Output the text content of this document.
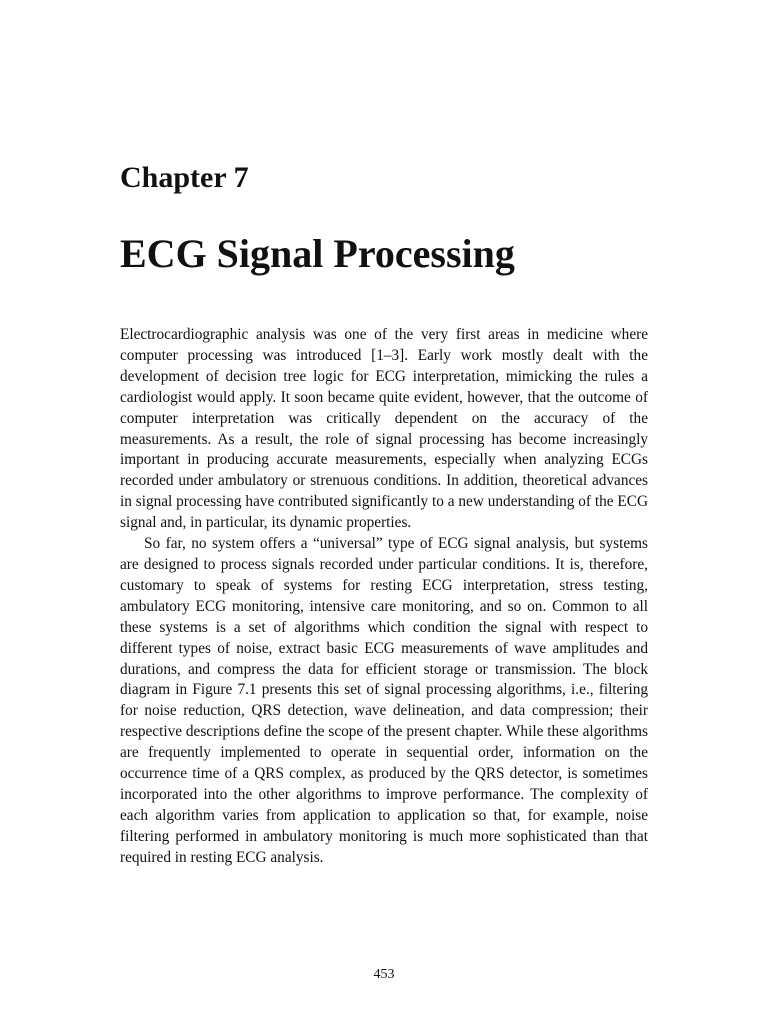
Chapter 7
ECG Signal Processing

Electrocardiographic analysis was one of the very first areas in medicine where computer processing was introduced [1–3]. Early work mostly dealt with the development of decision tree logic for ECG interpretation, mimicking the rules a cardiologist would apply. It soon became quite evident, however, that the outcome of computer interpretation was critically dependent on the accuracy of the measurements. As a result, the role of signal processing has become increasingly important in producing accurate measurements, especially when analyzing ECGs recorded under ambulatory or strenuous conditions. In addition, theoretical advances in signal processing have contributed significantly to a new understanding of the ECG signal and, in particular, its dynamic properties.

So far, no system offers a “universal” type of ECG signal analysis, but systems are designed to process signals recorded under particular conditions. It is, therefore, customary to speak of systems for resting ECG interpretation, stress testing, ambulatory ECG monitoring, intensive care monitoring, and so on. Common to all these systems is a set of algorithms which condition the signal with respect to different types of noise, extract basic ECG measurements of wave amplitudes and durations, and compress the data for efficient storage or transmission. The block diagram in Figure 7.1 presents this set of signal processing algorithms, i.e., filtering for noise reduction, QRS detection, wave delineation, and data compression; their respective descriptions define the scope of the present chapter. While these algorithms are frequently implemented to operate in sequential order, information on the occurrence time of a QRS complex, as produced by the QRS detector, is sometimes incorporated into the other algorithms to improve performance. The complexity of each algorithm varies from application to application so that, for example, noise filtering performed in ambulatory monitoring is much more sophisticated than that required in resting ECG analysis.

453
